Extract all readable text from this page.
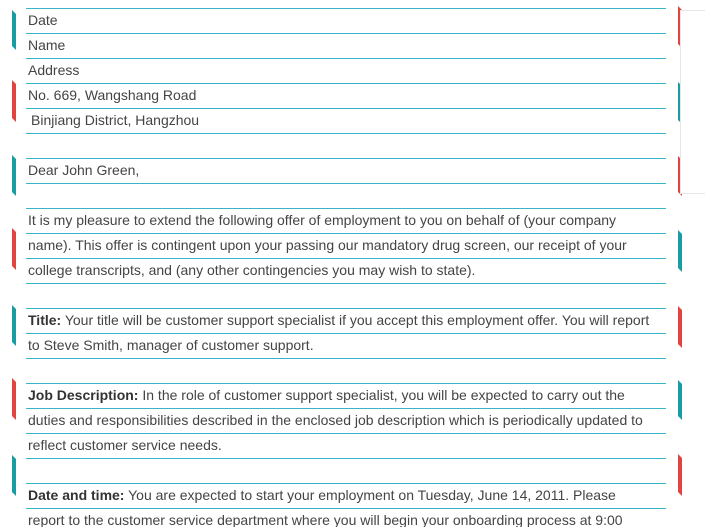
Date
Name
Address
No. 669, Wangshang Road
Binjiang District, Hangzhou
Dear John Green,
It is my pleasure to extend the following offer of employment to you on behalf of (your company
name). This offer is contingent upon your passing our mandatory drug screen, our receipt of your
college transcripts, and (any other contingencies you may wish to state).
Title: Your title will be customer support specialist if you accept this employment offer. You will report
to Steve Smith, manager of customer support.
Job Description: In the role of customer support specialist, you will be expected to carry out the
duties and responsibilities described in the enclosed job description which is periodically updated to
reflect customer service needs.
Date and time: You are expected to start your employment on Tuesday, June 14, 2011. Please
report to the customer service department where you will begin your onboarding process at 9:00
